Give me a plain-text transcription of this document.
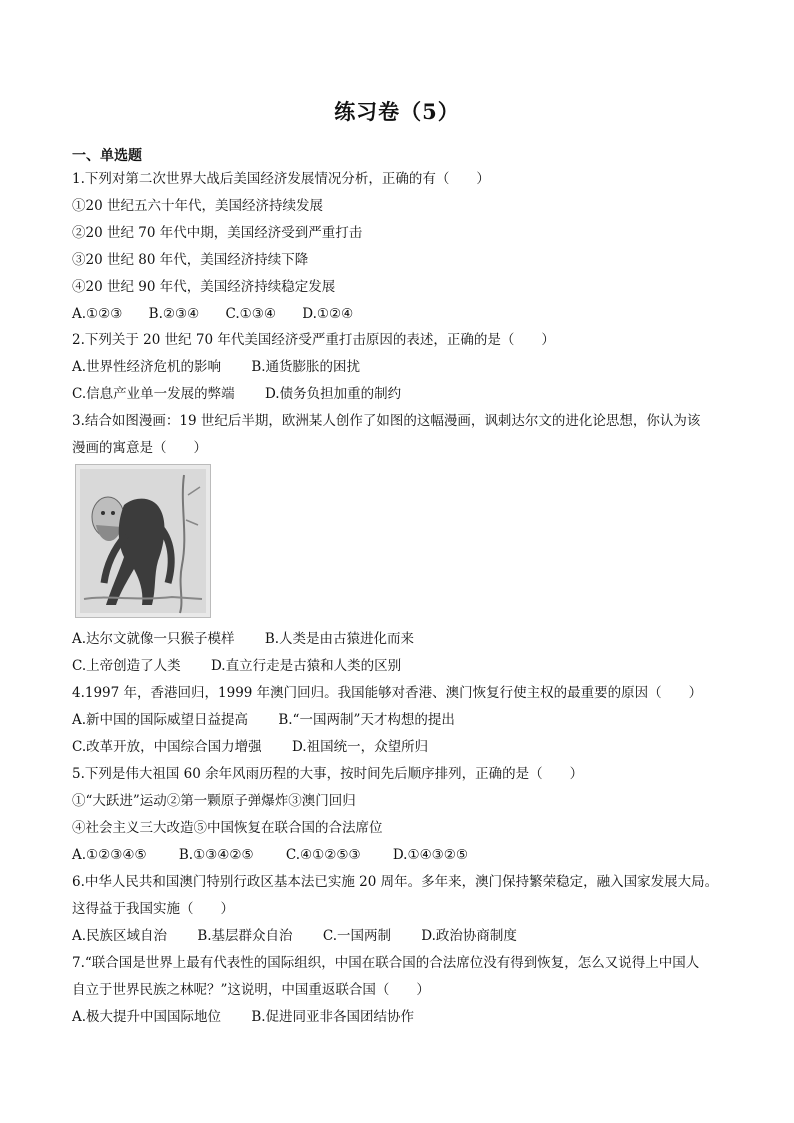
练习卷（5）
一、单选题
1.下列对第二次世界大战后美国经济发展情况分析，正确的有（　　）
①20 世纪五六十年代，美国经济持续发展
②20 世纪 70 年代中期，美国经济受到严重打击
③20 世纪 80 年代，美国经济持续下降
④20 世纪 90 年代，美国经济持续稳定发展
A.①②③ B.②③④ C.①③④ D.①②④
2.下列关于 20 世纪 70 年代美国经济受严重打击原因的表述，正确的是（　　）
A.世界性经济危机的影响 B.通货膨胀的困扰
C.信息产业单一发展的弊端 D.债务负担加重的制约
3.结合如图漫画：19 世纪后半期，欧洲某人创作了如图的这幅漫画，讽刺达尔文的进化论思想，你认为该
漫画的寓意是（　　）
A.达尔文就像一只猴子模样 B.人类是由古猿进化而来
C.上帝创造了人类 D.直立行走是古猿和人类的区别
4.1997 年，香港回归，1999 年澳门回归。我国能够对香港、澳门恢复行使主权的最重要的原因（　　）
A.新中国的国际威望日益提高 B.“一国两制”天才构想的提出
C.改革开放，中国综合国力增强 D.祖国统一，众望所归
5.下列是伟大祖国 60 余年风雨历程的大事，按时间先后顺序排列，正确的是（　　）
①“大跃进”运动②第一颗原子弹爆炸③澳门回归
④社会主义三大改造⑤中国恢复在联合国的合法席位
A.①②③④⑤ B.①③④②⑤ C.④①②⑤③ D.①④③②⑤
6.中华人民共和国澳门特别行政区基本法已实施 20 周年。多年来，澳门保持繁荣稳定，融入国家发展大局。
这得益于我国实施（　　）
A.民族区域自治 B.基层群众自治 C.一国两制 D.政治协商制度
7.“联合国是世界上最有代表性的国际组织，中国在联合国的合法席位没有得到恢复，怎么又说得上中国人
自立于世界民族之林呢？”这说明，中国重返联合国（　　）
A.极大提升中国国际地位 B.促进同亚非各国团结协作
